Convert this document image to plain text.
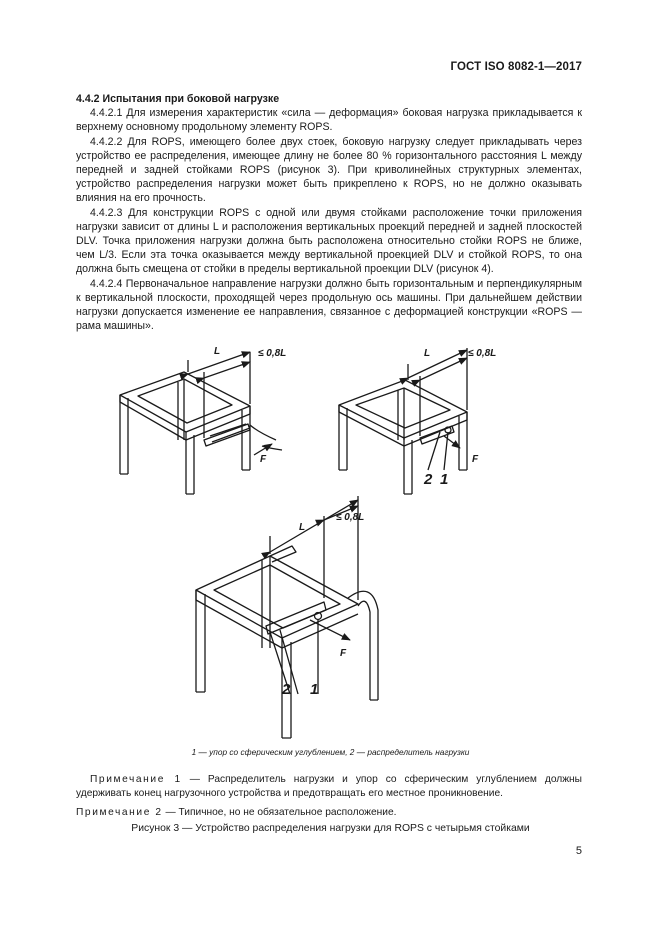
ГОСТ ISO 8082-1—2017

4.4.2 Испытания при боковой нагрузке

4.4.2.1 Для измерения характеристик «сила — деформация» боковая нагрузка прикладывается к верхнему основному продольному элементу ROPS.

4.4.2.2 Для ROPS, имеющего более двух стоек, боковую нагрузку следует прикладывать через устройство ее распределения, имеющее длину не более 80 % горизонтального расстояния L между передней и задней стойками ROPS (рисунок 3). При криволинейных структурных элементах, устройство распределения нагрузки может быть прикреплено к ROPS, но не должно оказывать влияния на его прочность.

4.4.2.3 Для конструкции ROPS с одной или двумя стойками расположение точки приложения нагрузки зависит от длины L и расположения вертикальных проекций передней и задней плоскостей DLV. Точка приложения нагрузки должна быть расположена относительно стойки ROPS не ближе, чем L/3. Если эта точка оказывается между вертикальной проекцией DLV и стойкой ROPS, то она должна быть смещена от стойки в пределы вертикальной проекции DLV (рисунок 4).

4.4.2.4 Первоначальное направление нагрузки должно быть горизонтальным и перпендикулярным к вертикальной плоскости, проходящей через продольную ось машины. При дальнейшем действии нагрузки допускается изменение ее направления, связанное с деформацией конструкции «ROPS — рама машины».

L	≤ 0,8L
F
L	≤ 0,8L
F
L
≤ 0,8L
F
2 1
2 1
1 — упор со сферическим углублением, 2 — распределитель нагрузки
Примечание 1 — Распределитель нагрузки и упор со сферическим углублением должны удерживать конец нагрузочного устройства и предотвращать его местное проникновение.
Примечание 2 — Типичное, но не обязательное расположение.
Рисунок 3 — Устройство распределения нагрузки для ROPS с четырьмя стойками
5
